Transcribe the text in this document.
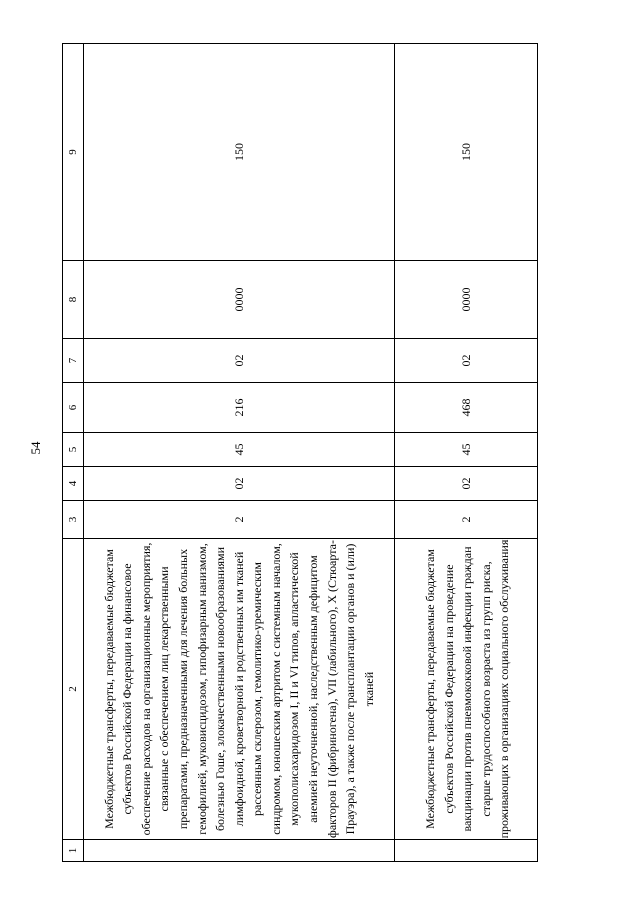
54
1	2	3	4	5	6	7	8	9
	Межбюджетные трансферты, передаваемые бюджетам субъектов Российской Федерации на финансовое обеспечение расходов на организационные мероприятия, связанные с обеспечением лиц лекарственными препаратами, предназначенными для лечения больных гемофилией, муковисцидозом, гипофизарным нанизмом, болезнью Гоше, злокачественными новообразованиями лимфоидной, кроветворной и родственных им тканей рассеянным склерозом, гемолитико-уремическим синдромом, юношеским артритом с системным началом, мукополисахаридозом I, II и VI типов, апластической анемией неуточненной, наследственным дефицитом факторов II (фибриногена), VII (лабильного), X (Стюарта-Прауэра), а также после трансплантации органов и (или) тканей	2	02	45	216	02	0000	150
	Межбюджетные трансферты, передаваемые бюджетам субъектов Российской Федерации на проведение вакцинации против пневмококковой инфекции граждан старше трудоспособного возраста из групп риска, проживающих в организациях социального обслуживания	2	02	45	468	02	0000	150
